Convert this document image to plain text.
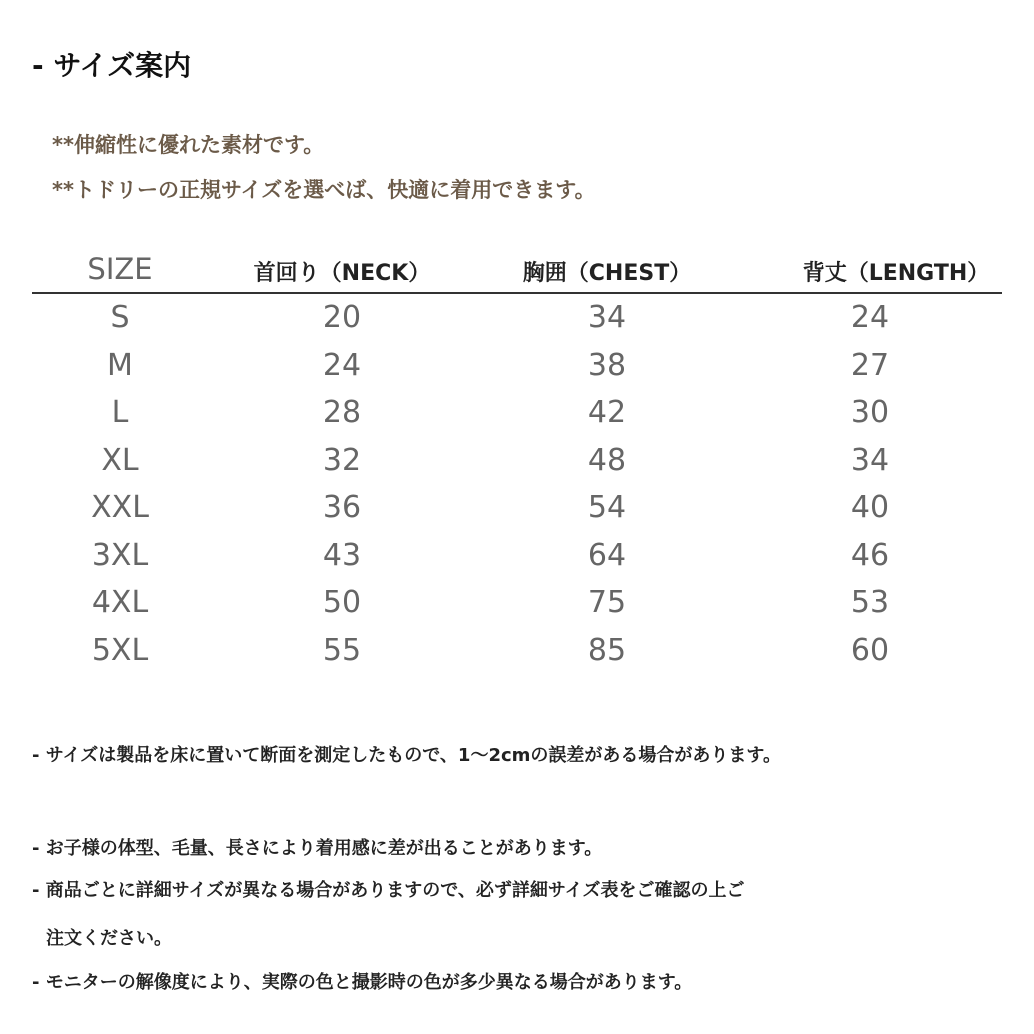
- サイズ案内
**伸縮性に優れた素材です。
**トドリーの正規サイズを選べば、快適に着用できます。
SIZE	首回り（NECK）	胸囲（CHEST）	背丈（LENGTH）
S	20	34	24
M	24	38	27
L	28	42	30
XL	32	48	34
XXL	36	54	40
3XL	43	64	46
4XL	50	75	53
5XL	55	85	60
- サイズは製品を床に置いて断面を測定したもので、1～2cmの誤差がある場合があります。
- お子様の体型、毛量、長さにより着用感に差が出ることがあります。
- 商品ごとに詳細サイズが異なる場合がありますので、必ず詳細サイズ表をご確認の上ご
注文ください。
- モニターの解像度により、実際の色と撮影時の色が多少異なる場合があります。
